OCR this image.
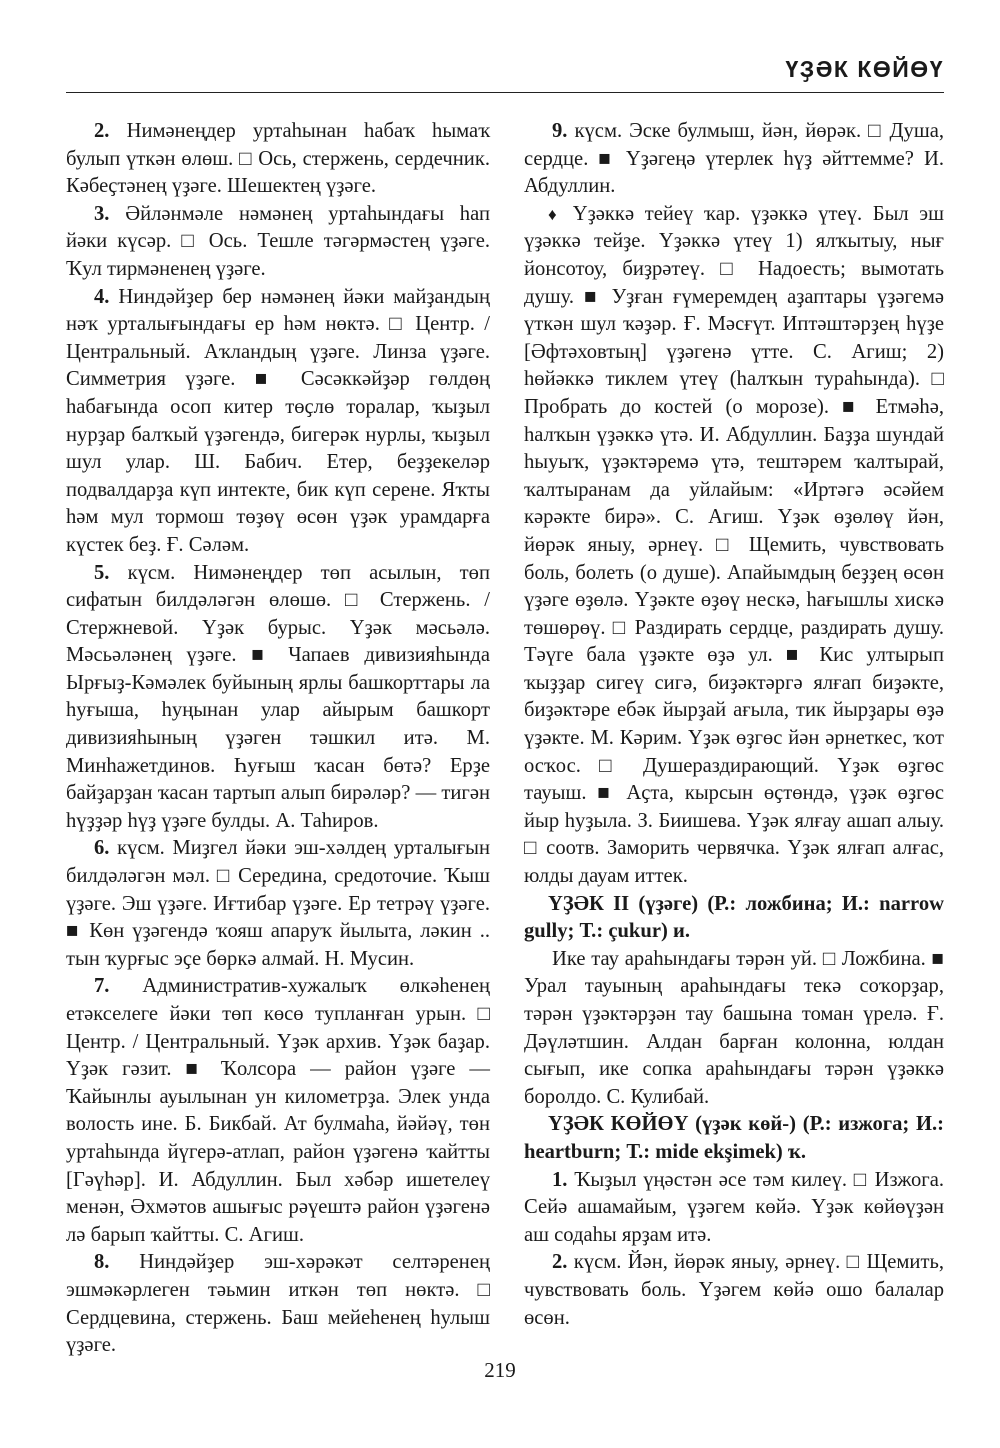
ҮҘӘК КӨЙӨҮ

2. Нимәнеңдер уртаһынан һабаҡ һымаҡ булып үткән өлөш. □ Ось, стержень, сердечник. Кәбеҫтәнең үҙәге. Шешектең үҙәге.

3. Әйләнмәле нәмәнең уртаһындағы һап йәки күсәр. □ Ось. Тешле тәгәрмәстең үҙәге. Ҡул тирмәненең үҙәге.

4. Ниндәйҙер бер нәмәнең йәки майҙандың нәҡ урталығындағы ер һәм нөктә. □ Центр. / Центральный. Аҡландың үҙәге. Линза үҙәге. Симметрия үҙәге. ■ Сәсәккәйҙәр гөлдөң һабағында осоп китер төҫлө торалар, ҡыҙыл нурҙар балҡый үҙәгендә, бигерәк нурлы, ҡыҙыл шул улар. Ш. Бабич. Етер, беҙҙекеләр подвалдарҙа күп интекте, бик күп серене. Яҡты һәм мул тормош төҙөү өсөн үҙәк урамдарға күстек беҙ. Ғ. Сәләм.

5. күсм. Нимәнеңдер төп асылын, төп сифатын билдәләгән өлөшө. □ Стержень. / Стержневой. Үҙәк бурыс. Үҙәк мәсьәлә. Мәсьәләнең үҙәге. ■ Чапаев дивизияһында Ырғыҙ-Кәмәлек буйының ярлы башкорттары ла һуғыша, һуңынан улар айырым башкорт дивизияһының үҙәген тәшкил итә. М. Минһажетдинов. Һуғыш ҡасан бөтә? Ерҙе байҙарҙан ҡасан тартып алып бирәләр? — тигән һүҙҙәр һүҙ үҙәге булды. А. Таһиров.

6. күсм. Миҙгел йәки эш-хәлдең урталығын билдәләгән мәл. □ Середина, средоточие. Ҡыш үҙәге. Эш үҙәге. Иғтибар үҙәге. Ер тетрәү үҙәге. ■ Көн үҙәгендә ҡояш апаруҡ йылыта, ләкин .. тын ҡурғыс эҫе бөркә алмай. Н. Мусин.

7. Административ-хужалыҡ өлкәһенең етәкселеге йәки төп көсө тупланған урын. □ Центр. / Центральный. Үҙәк архив. Үҙәк баҙар. Үҙәк гәзит. ■ Ҡолсора — район үҙәге — Ҡайынлы ауылынан ун километрҙа. Элек унда волость ине. Б. Бикбай. Ат булмаһа, йәйәү, төн уртаһында йүгерә-атлап, район үҙәгенә ҡайтты [Гәүһәр]. И. Абдуллин. Был хәбәр ишетелеү менән, Әхмәтов ашығыс рәүештә район үҙәгенә лә барып ҡайтты. С. Агиш.

8. Ниндәйҙер эш-хәрәкәт селтәренең эшмәкәрлеген тәьмин иткән төп нөктә. □ Сердцевина, стержень. Баш мейеһенең һулыш үҙәге.

9. күсм. Эске булмыш, йән, йөрәк. □ Душа, сердце. ■ Үҙәгеңә үтерлек һүҙ әйттемме? И. Абдуллин.

♦ Үҙәккә тейеү ҡар. үҙәккә үтеү. Был эш үҙәккә тейҙе. Үҙәккә үтеү 1) ялҡытыу, нығ йонсотоу, биҙрәтеү. □ Надоесть; вымотать душу. ■ Уҙған ғүмеремдең аҙаптары үҙәгемә үткән шул ҡәҙәр. Ғ. Мәсғүт. Иптәштәрҙең һүҙе [Әфтәховтың] үҙәгенә үтте. С. Агиш; 2) һөйәккә тиклем үтеү (һалҡын тураһында). □ Пробрать до костей (о морозе). ■ Етмәһә, һалҡын үҙәккә үтә. И. Абдуллин. Баҙҙа шундай һыуыҡ, үҙәктәремә үтә, тештәрем ҡалтырай, ҡалтыранам да уйлайым: «Иртәгә әсәйем кәрәкте бирә». С. Агиш. Үҙәк өҙөлөү йән, йөрәк яныу, әрнеү. □ Щемить, чувствовать боль, болеть (о душе). Апайымдың беҙҙең өсөн үҙәге өҙөлә. Үҙәкте өҙөү нескә, һағышлы хискә төшөрөү. □ Раздирать сердце, раздирать душу. Тәүге бала үҙәкте өҙә ул. ■ Кис ултырып ҡыҙҙар сигеү сигә, биҙәктәргә ялғап биҙәкте, биҙәктәре ебәк йырҙай ағыла, тик йырҙары өҙә үҙәкте. М. Кәрим. Үҙәк өҙгөс йән әрнеткес, ҡот осҡос. □ Душераздирающий. Үҙәк өҙгөс тауыш. ■ Аҫта, кырсын өҫтөндә, үҙәк өҙгөс йыр һуҙыла. З. Биишева. Үҙәк ялғау ашап алыу. □ соотв. Заморить червячка. Үҙәк ялғап алғас, юлды дауам иттек.

ҮҘӘК II (үҙәге) (Р.: ложбина; И.: narrow gully; Т.: çukur) и.

Ике тау араһындағы тәрән уй. □ Ложбина. ■ Урал тауының араһындағы текә соҡорҙар, тәрән үҙәктәрҙән тау башына томан үрелә. Ғ. Дәүләтшин. Алдан барған колонна, юлдан сығып, ике сопка араһындағы тәрән үҙәккә боролдо. С. Кулибай.

ҮҘӘК КӨЙӨҮ (үҙәк көй-) (Р.: изжога; И.: heartburn; Т.: mide ekşimek) ҡ.

1. Ҡыҙыл үңәстән әсе тәм килеү. □ Изжога. Сейә ашамайым, үҙәгем көйә. Үҙәк көйөүҙән аш содаһы ярҙам итә.

2. күсм. Йән, йөрәк яныу, әрнеү. □ Щемить, чувствовать боль. Үҙәгем көйә ошо балалар өсөн.

219
